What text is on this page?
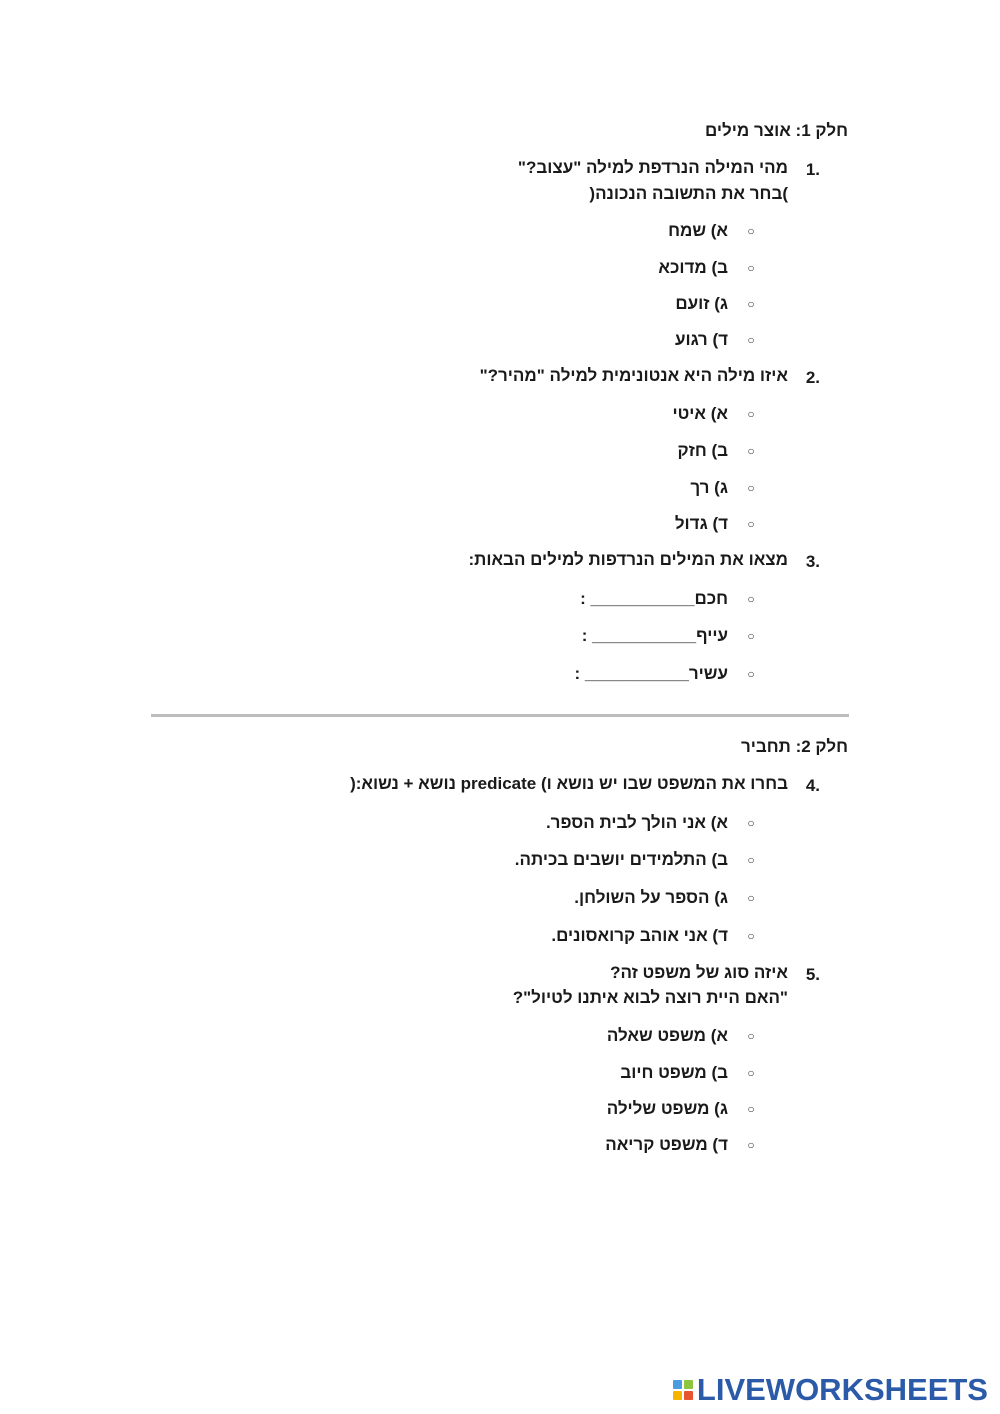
חלק 1: אוצר מילים
1.
מהי המילה הנרדפת למילה "עצוב?"
)בחר את התשובה הנכונה(
○
א) שמח
○
ב) מדוכא
○
ג) זועם
○
ד) רגוע
2.
איזו מילה היא אנטונימית למילה "מהיר?"
○
א) איטי
○
ב) חזק
○
ג) רך
○
ד) גדול
3.
מצאו את המילים הנרדפות למילים הבאות:
○
חכם___________ :
○
עייף___________ :
○
עשיר___________ :
חלק 2: תחביר
4.
בחרו את המשפט שבו יש נושא ו) predicate נושא + נשוא:(
○
א) אני הולך לבית הספר.
○
ב) התלמידים יושבים בכיתה.
○
ג) הספר על השולחן.
○
ד) אני אוהב קרואסונים.
5.
איזה סוג של משפט זה?
"האם היית רוצה לבוא איתנו לטיול"?
○
א) משפט שאלה
○
ב) משפט חיוב
○
ג) משפט שלילה
○
ד) משפט קריאה
LIVEWORKSHEETS
